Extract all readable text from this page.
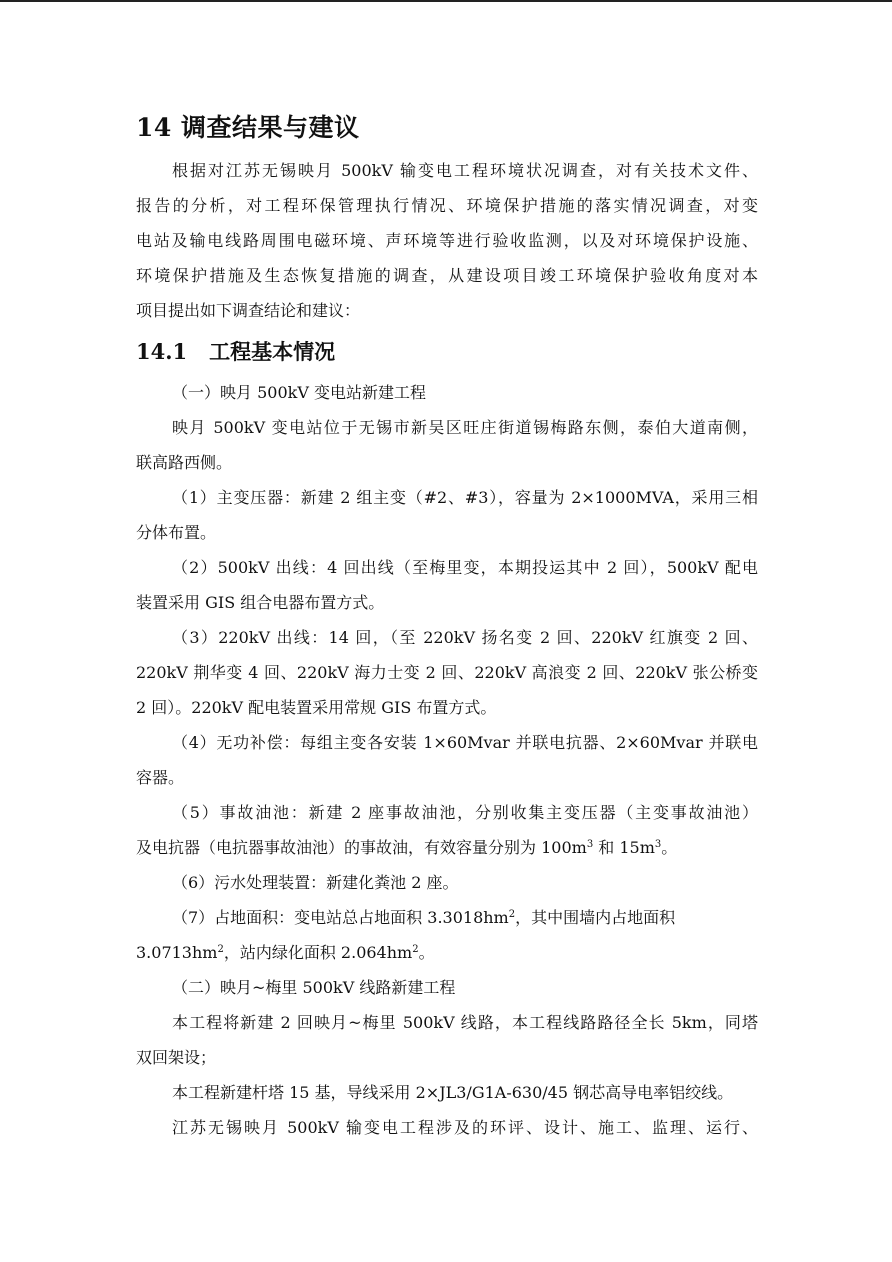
14 调查结果与建议
根据对江苏无锡映月 500kV 输变电工程环境状况调查，对有关技术文件、
报告的分析，对工程环保管理执行情况、环境保护措施的落实情况调查，对变
电站及输电线路周围电磁环境、声环境等进行验收监测，以及对环境保护设施、
环境保护措施及生态恢复措施的调查，从建设项目竣工环境保护验收角度对本
项目提出如下调查结论和建议：
14.1 工程基本情况
（一）映月 500kV 变电站新建工程
映月 500kV 变电站位于无锡市新吴区旺庄街道锡梅路东侧，泰伯大道南侧，
联高路西侧。
（1）主变压器：新建 2 组主变（#2、#3），容量为 2×1000MVA，采用三相
分体布置。
（2）500kV 出线：4 回出线（至梅里变，本期投运其中 2 回），500kV 配电
装置采用 GIS 组合电器布置方式。
（3）220kV 出线：14 回，（至 220kV 扬名变 2 回、220kV 红旗变 2 回、
220kV 荆华变 4 回、220kV 海力士变 2 回、220kV 高浪变 2 回、220kV 张公桥变
2 回）。220kV 配电装置采用常规 GIS 布置方式。
（4）无功补偿：每组主变各安装 1×60Mvar 并联电抗器、2×60Mvar 并联电
容器。
（5）事故油池：新建 2 座事故油池，分别收集主变压器（主变事故油池）
及电抗器（电抗器事故油池）的事故油，有效容量分别为 $100m^3$ 和 $15m^3$。
（6）污水处理装置：新建化粪池 2 座。
（7）占地面积：变电站总占地面积 $3.3018hm^2$，其中围墙内占地面积
$3.0713hm^2$，站内绿化面积 $2.064hm^2$。
（二）映月~梅里 500kV 线路新建工程
本工程将新建 2 回映月~梅里 500kV 线路，本工程线路路径全长 5km，同塔
双回架设；
本工程新建杆塔 15 基，导线采用 2×JL3/G1A-630/45 钢芯高导电率铝绞线。
江苏无锡映月 500kV 输变电工程涉及的环评、设计、施工、监理、运行、
